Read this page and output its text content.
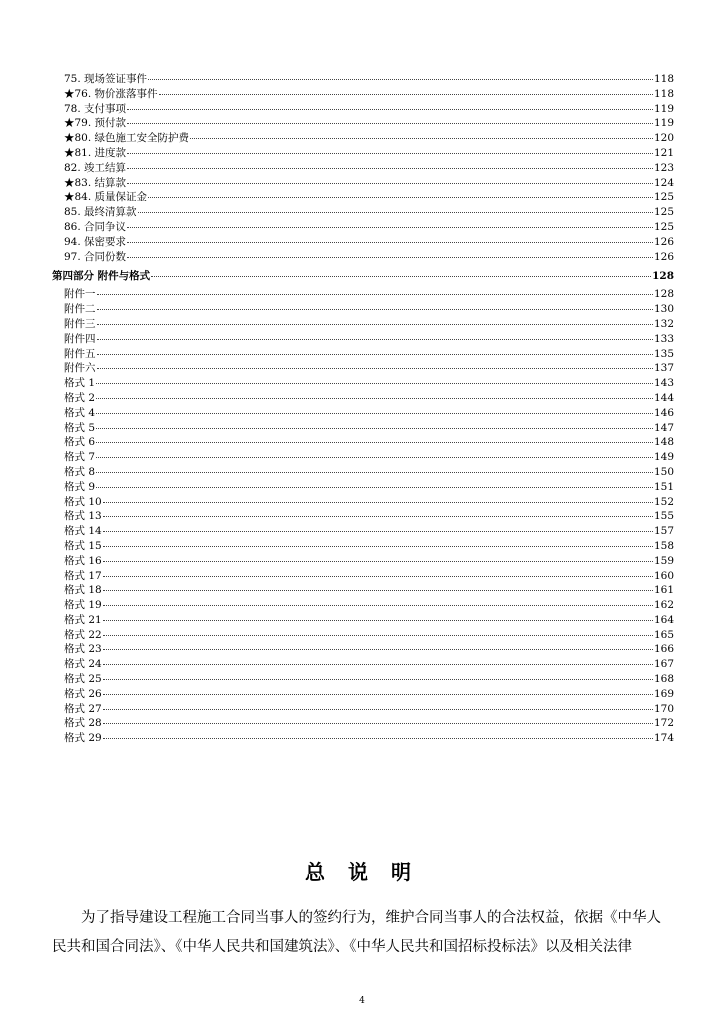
75. 现场签证事件	118
★76. 物价涨落事件	118
78. 支付事项	119
★79. 预付款	119
★80. 绿色施工安全防护费	120
★81. 进度款	121
82. 竣工结算	123
★83. 结算款	124
★84. 质量保证金	125
85. 最终清算款	125
86. 合同争议	125
94. 保密要求	126
97. 合同份数	126
第四部分 附件与格式	128
附件一	128
附件二	130
附件三	132
附件四	133
附件五	135
附件六	137
格式 1	143
格式 2	144
格式 4	146
格式 5	147
格式 6	148
格式 7	149
格式 8	150
格式 9	151
格式 10	152
格式 13	155
格式 14	157
格式 15	158
格式 16	159
格式 17	160
格式 18	161
格式 19	162
格式 21	164
格式 22	165
格式 23	166
格式 24	167
格式 25	168
格式 26	169
格式 27	170
格式 28	172
格式 29	174
总 说 明
为了指导建设工程施工合同当事人的签约行为，维护合同当事人的合法权益，依据《中华人
民共和国合同法》、《中华人民共和国建筑法》、《中华人民共和国招标投标法》以及相关法律
4
